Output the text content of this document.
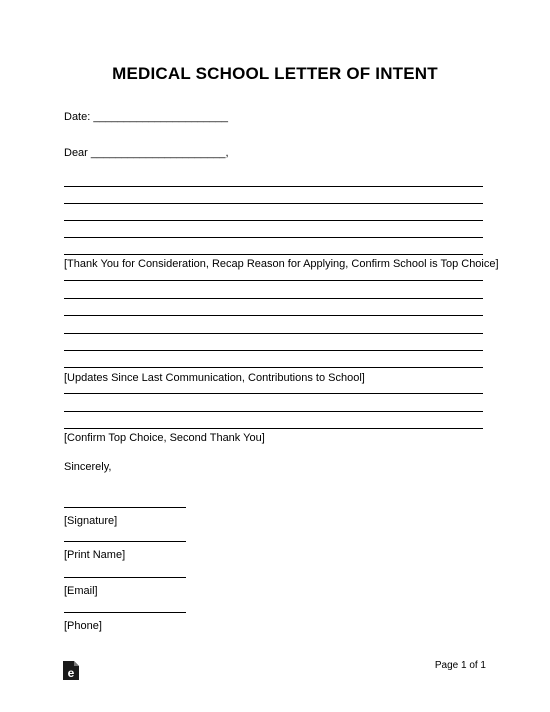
MEDICAL SCHOOL LETTER OF INTENT
Date: ______________________
Dear ______________________,
[Thank You for Consideration, Recap Reason for Applying, Confirm School is Top Choice]
[Updates Since Last Communication, Contributions to School]
[Confirm Top Choice, Second Thank You]
Sincerely,
[Signature]
[Print Name]
[Email]
[Phone]
e
Page 1 of 1
